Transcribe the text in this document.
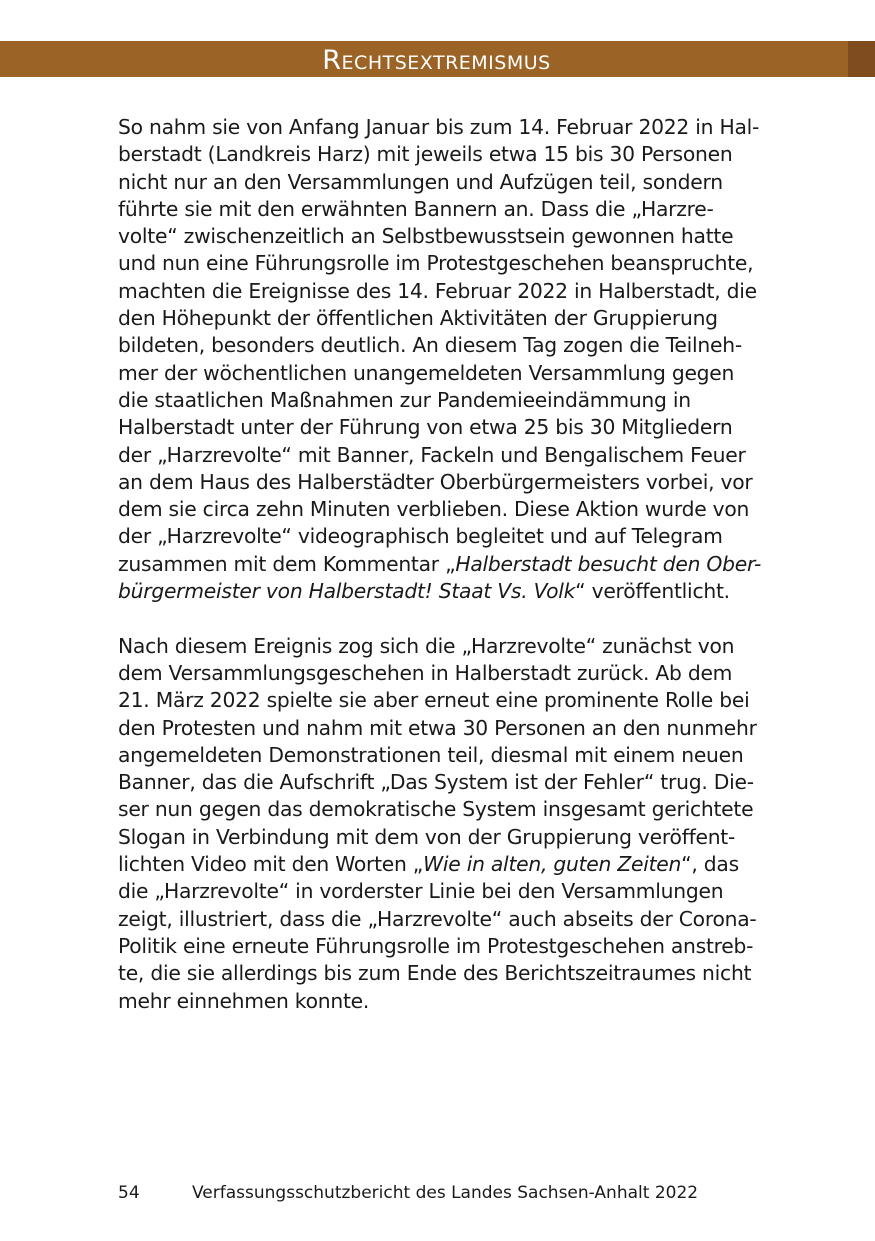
Rechtsextremismus
So nahm sie von Anfang Januar bis zum 14. Februar 2022 in Hal-
berstadt (Landkreis Harz) mit jeweils etwa 15 bis 30 Personen
nicht nur an den Versammlungen und Aufzügen teil, sondern
führte sie mit den erwähnten Bannern an. Dass die „Harzre-
volte“ zwischenzeitlich an Selbstbewusstsein gewonnen hatte
und nun eine Führungsrolle im Protestgeschehen beanspruchte,
machten die Ereignisse des 14. Februar 2022 in Halberstadt, die
den Höhepunkt der öffentlichen Aktivitäten der Gruppierung
bildeten, besonders deutlich. An diesem Tag zogen die Teilneh-
mer der wöchentlichen unangemeldeten Versammlung gegen
die staatlichen Maßnahmen zur Pandemieeindämmung in
Halberstadt unter der Führung von etwa 25 bis 30 Mitgliedern
der „Harzrevolte“ mit Banner, Fackeln und Bengalischem Feuer
an dem Haus des Halberstädter Oberbürgermeisters vorbei, vor
dem sie circa zehn Minuten verblieben. Diese Aktion wurde von
der „Harzrevolte“ videographisch begleitet und auf Telegram
zusammen mit dem Kommentar „Halberstadt besucht den Ober-
bürgermeister von Halberstadt! Staat Vs. Volk“ veröffentlicht.
Nach diesem Ereignis zog sich die „Harzrevolte“ zunächst von
dem Versammlungsgeschehen in Halberstadt zurück. Ab dem
21. März 2022 spielte sie aber erneut eine prominente Rolle bei
den Protesten und nahm mit etwa 30 Personen an den nunmehr
angemeldeten Demonstrationen teil, diesmal mit einem neuen
Banner, das die Aufschrift „Das System ist der Fehler“ trug. Die-
ser nun gegen das demokratische System insgesamt gerichtete
Slogan in Verbindung mit dem von der Gruppierung veröffent-
lichten Video mit den Worten „Wie in alten, guten Zeiten“, das
die „Harzrevolte“ in vorderster Linie bei den Versammlungen
zeigt, illustriert, dass die „Harzrevolte“ auch abseits der Corona-
Politik eine erneute Führungsrolle im Protestgeschehen anstreb-
te, die sie allerdings bis zum Ende des Berichtszeitraumes nicht
mehr einnehmen konnte.
54	Verfassungsschutzbericht des Landes Sachsen-Anhalt 2022
